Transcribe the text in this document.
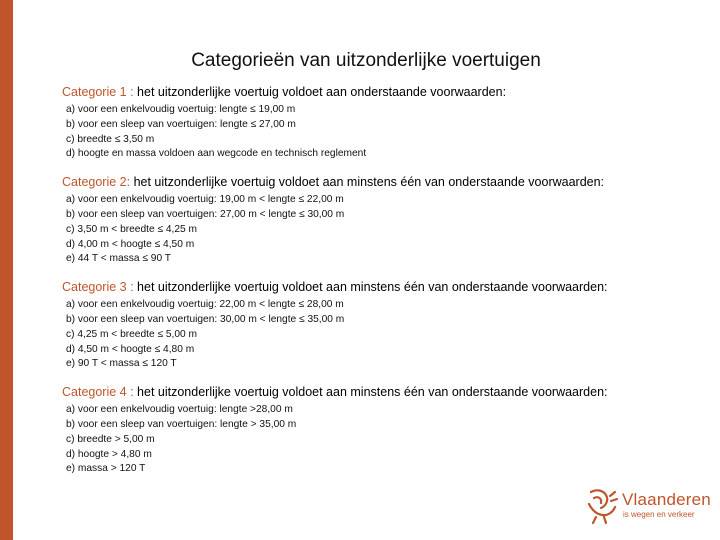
Categorieën van uitzonderlijke voertuigen
Categorie 1 : het uitzonderlijke voertuig voldoet aan onderstaande voorwaarden:
a) voor een enkelvoudig voertuig: lengte ≤ 19,00 m
b) voor een sleep van voertuigen: lengte ≤ 27,00 m
c) breedte ≤ 3,50 m
d) hoogte en massa voldoen aan wegcode en technisch reglement
Categorie 2: het uitzonderlijke voertuig voldoet aan minstens één van onderstaande voorwaarden:
a) voor een enkelvoudig voertuig: 19,00 m < lengte ≤ 22,00 m
b) voor een sleep van voertuigen: 27,00 m < lengte ≤ 30,00 m
c) 3,50 m < breedte ≤ 4,25 m
d) 4,00 m < hoogte ≤ 4,50 m
e) 44 T < massa ≤ 90 T
Categorie 3 : het uitzonderlijke voertuig voldoet aan minstens één van onderstaande voorwaarden:
a) voor een enkelvoudig voertuig: 22,00 m < lengte ≤ 28,00 m
b) voor een sleep van voertuigen: 30,00 m < lengte ≤ 35,00 m
c) 4,25 m < breedte ≤ 5,00 m
d) 4,50 m < hoogte ≤ 4,80 m
e) 90 T < massa ≤ 120 T
Categorie 4 : het uitzonderlijke voertuig voldoet aan minstens één van onderstaande voorwaarden:
a) voor een enkelvoudig voertuig: lengte >28,00 m
b) voor een sleep van voertuigen: lengte > 35,00 m
c) breedte > 5,00 m
d) hoogte > 4,80 m
e) massa > 120 T
Vlaanderen
is wegen en verkeer
